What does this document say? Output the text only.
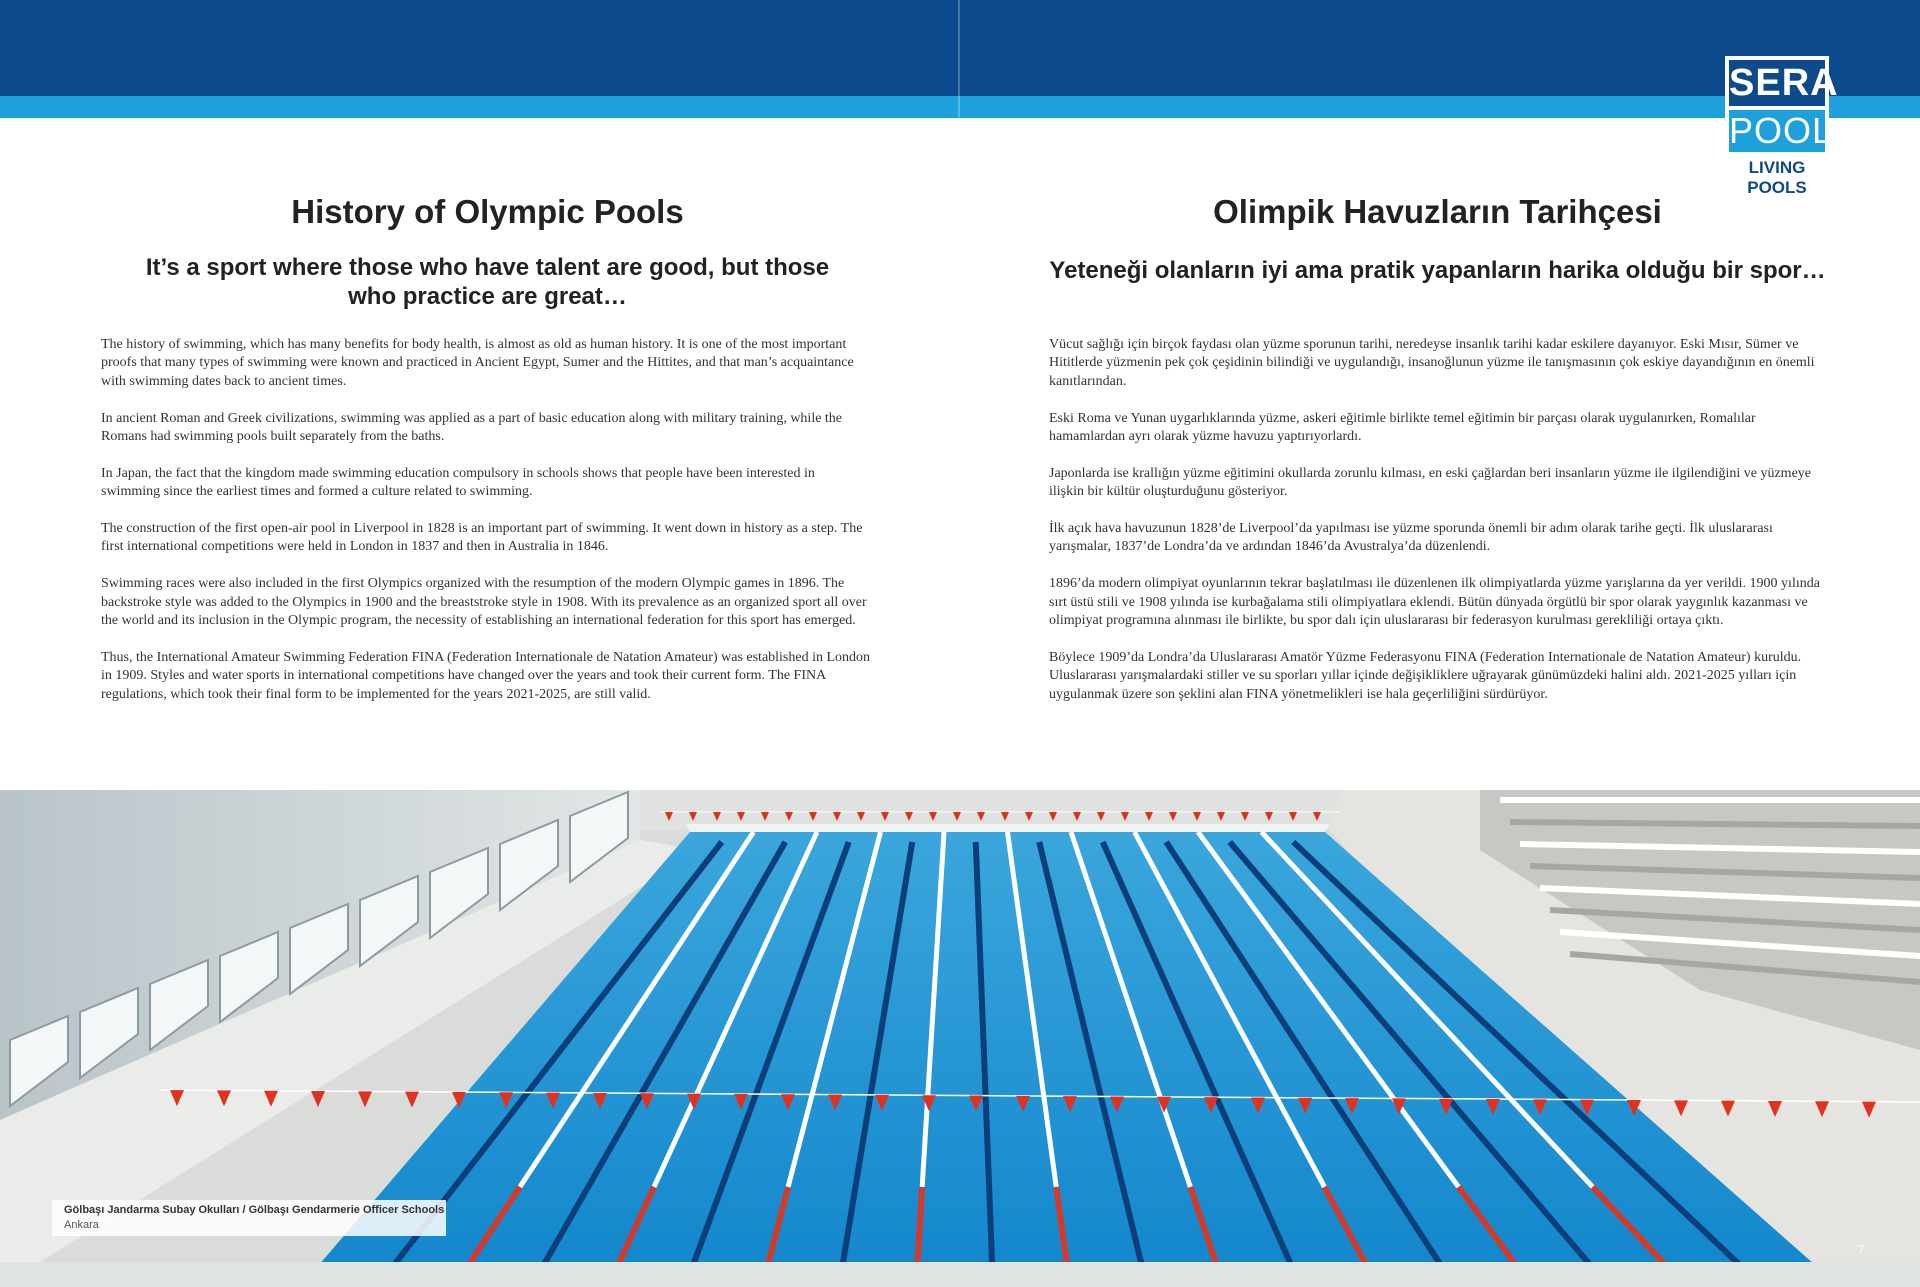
SERA
POOL
LIVING POOLS
History of Olympic Pools
It’s a sport where those who have talent are good, but those who practice are great…

The history of swimming, which has many benefits for body health, is almost as old as human history. It is one of the most important proofs that many types of swimming were known and practiced in Ancient Egypt, Sumer and the Hittites, and that man’s acquaintance with swimming dates back to ancient times.

In ancient Roman and Greek civilizations, swimming was applied as a part of basic education along with military training, while the Romans had swimming pools built separately from the baths.

In Japan, the fact that the kingdom made swimming education compulsory in schools shows that people have been interested in swimming since the earliest times and formed a culture related to swimming.

The construction of the first open-air pool in Liverpool in 1828 is an important part of swimming. It went down in history as a step. The first international competitions were held in London in 1837 and then in Australia in 1846.

Swimming races were also included in the first Olympics organized with the resumption of the modern Olympic games in 1896. The backstroke style was added to the Olympics in 1900 and the breaststroke style in 1908. With its prevalence as an organized sport all over the world and its inclusion in the Olympic program, the necessity of establishing an international federation for this sport has emerged.

Thus, the International Amateur Swimming Federation FINA (Federation Internationale de Natation Amateur) was established in London in 1909. Styles and water sports in international competitions have changed over the years and took their current form. The FINA regulations, which took their final form to be implemented for the years 2021-2025, are still valid.

Olimpik Havuzların Tarihçesi
Yeteneği olanların iyi ama pratik yapanların harika olduğu bir spor…

Vücut sağlığı için birçok faydası olan yüzme sporunun tarihi, neredeyse insanlık tarihi kadar eskilere dayanıyor. Eski Mısır, Sümer ve Hititlerde yüzmenin pek çok çeşidinin bilindiği ve uygulandığı, insanoğlunun yüzme ile tanışmasının çok eskiye dayandığının en önemli kanıtlarından.

Eski Roma ve Yunan uygarlıklarında yüzme, askeri eğitimle birlikte temel eğitimin bir parçası olarak uygulanırken, Romalılar hamamlardan ayrı olarak yüzme havuzu yaptırıyorlardı.

Japonlarda ise krallığın yüzme eğitimini okullarda zorunlu kılması, en eski çağlardan beri insanların yüzme ile ilgilendiğini ve yüzmeye ilişkin bir kültür oluşturduğunu gösteriyor.

İlk açık hava havuzunun 1828’de Liverpool’da yapılması ise yüzme sporunda önemli bir adım olarak tarihe geçti. İlk uluslararası yarışmalar, 1837’de Londra’da ve ardından 1846’da Avustralya’da düzenlendi.

1896’da modern olimpiyat oyunlarının tekrar başlatılması ile düzenlenen ilk olimpiyatlarda yüzme yarışlarına da yer verildi. 1900 yılında sırt üstü stili ve 1908 yılında ise kurbağalama stili olimpiyatlara eklendi. Bütün dünyada örgütlü bir spor olarak yaygınlık kazanması ve olimpiyat programına alınması ile birlikte, bu spor dalı için uluslararası bir federasyon kurulması gerekliliği ortaya çıktı.

Böylece 1909’da Londra’da Uluslararası Amatör Yüzme Federasyonu FINA (Federation Internationale de Natation Amateur) kuruldu. Uluslararası yarışmalardaki stiller ve su sporları yıllar içinde değişikliklere uğrayarak günümüzdeki halini aldı. 2021-2025 yılları için uygulanmak üzere son şeklini alan FINA yönetmelikleri ise hala geçerliliğini sürdürüyor.

Gölbaşı Jandarma Subay Okulları / Gölbaşı Gendarmerie Officer Schools
Ankara
7
